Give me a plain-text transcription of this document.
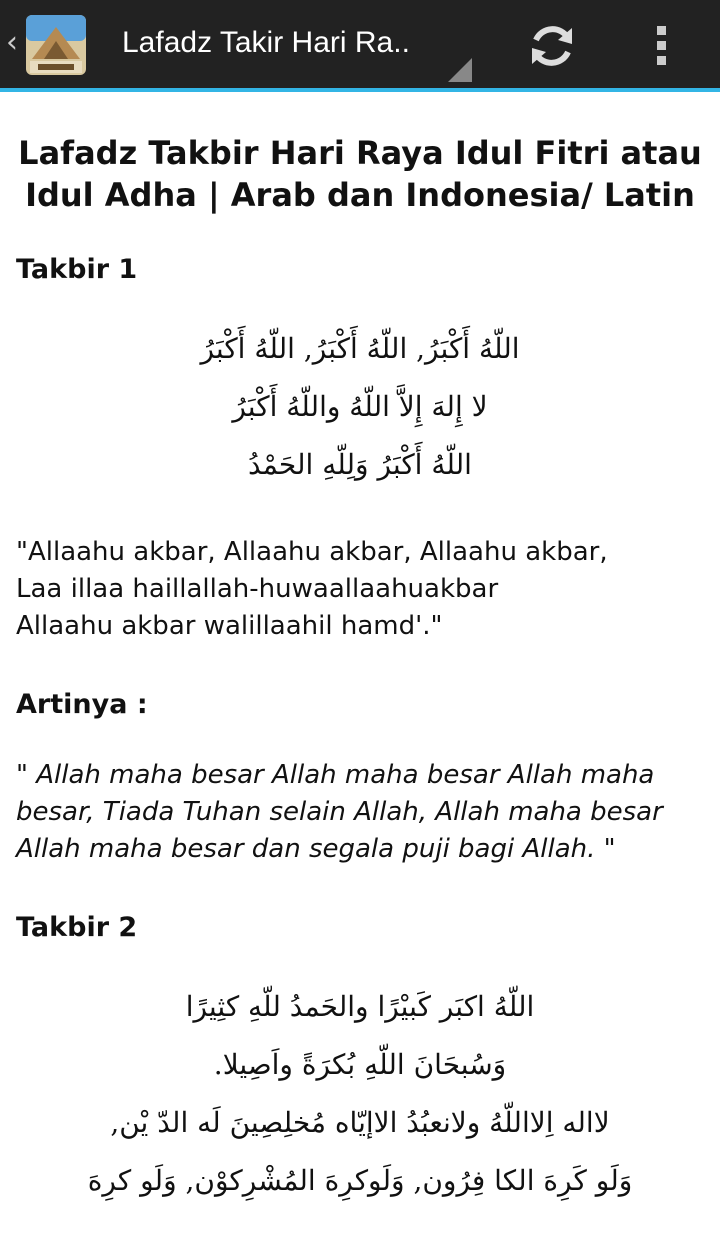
‹	Lafadz Takir Hari Ra..
Lafadz Takbir Hari Raya Idul Fitri atau Idul Adha | Arab dan Indonesia/ Latin
Takbir 1

اللّهُ أَكْبَرُ, اللّهُ أَكْبَرُ, اللّهُ أَكْبَرُ

لا إِلهَ إِلاَّ اللّهُ واللّهُ أَكْبَرُ

اللّهُ أَكْبَرُ وَلِلّهِ الحَمْدُ

"Allaahu akbar, Allaahu akbar, Allaahu akbar,
Laa illaa haillallah-huwaallaahuakbar
Allaahu akbar walillaahil hamd'."

Artinya :

" Allah maha besar Allah maha besar Allah maha besar, Tiada Tuhan selain Allah, Allah maha besar Allah maha besar dan segala puji bagi Allah. "

Takbir 2

اللّهُ اكبَر كَبيْرًا والحَمدُ للّهِ كثِيرًا

وَسُبحَانَ اللّهِ بُكرَةً واَصِيلا.

لااله اِلااللّهُ ولانعبُدُ الاإيّاه مُخلِصِينَ لَه الدّ يْن,

وَلَو كَرِهَ الكا فِرُون, وَلَوكرِهَ المُشْرِكوْن, وَلَو كرِهَ
